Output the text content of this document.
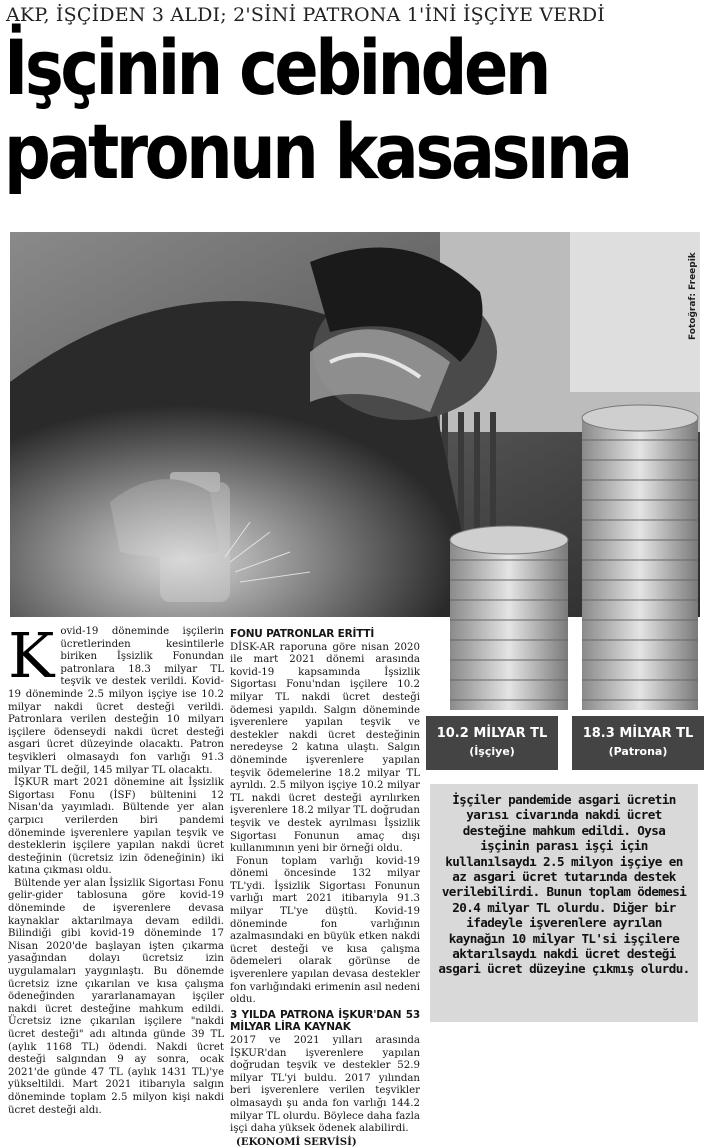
AKP, İŞÇİDEN 3 ALDI; 2'SİNİ PATRONA 1'İNİ İŞÇİYE VERDİ
İşçinin cebinden
patronun kasasına
Fotoğraf: Freepik
10.2 MİLYAR TL
(İşçiye)
18.3 MİLYAR TL
(Patrona)
K ovid-19 döneminde işçilerin ücretlerinden kesintilerle biriken İşsizlik Fonundan patronlara 18.3 milyar TL teşvik ve destek verildi. Kovid-19 döneminde 2.5 milyon işçiye ise 10.2 milyar nakdi ücret desteği verildi. Patronlara verilen desteğin 10 milyarı işçilere ödenseydi nakdi ücret desteği asgari ücret düzeyinde olacaktı. Patron teşvikleri olmasaydı fon varlığı 91.3 milyar TL değil, 145 milyar TL olacaktı.

İŞKUR mart 2021 dönemine ait İşsizlik Sigortası Fonu (İSF) bültenini 12 Nisan'da yayımladı. Bültende yer alan çarpıcı verilerden biri pandemi döneminde işverenlere yapılan teşvik ve desteklerin işçilere yapılan nakdi ücret desteğinin (ücretsiz izin ödeneğinin) iki katına çıkması oldu.

Bültende yer alan İşsizlik Sigortası Fonu gelir-gider tablosuna göre kovid-19 döneminde de işverenlere devasa kaynaklar aktarılmaya devam edildi. Bilindiği gibi kovid-19 döneminde 17 Nisan 2020'de başlayan işten çıkarma yasağından dolayı ücretsiz izin uygulamaları yaygınlaştı. Bu dönemde ücretsiz izne çıkarılan ve kısa çalışma ödeneğinden yararlanamayan işçiler nakdi ücret desteğine mahkum edildi. Ücretsiz izne çıkarılan işçilere "nakdi ücret desteği" adı altında günde 39 TL (aylık 1168 TL) ödendi. Nakdi ücret desteği salgından 9 ay sonra, ocak 2021'de günde 47 TL (aylık 1431 TL)'ye yükseltildi. Mart 2021 itibarıyla salgın döneminde toplam 2.5 milyon kişi nakdi ücret desteği aldı.

FONU PATRONLAR ERİTTİ

DİSK-AR raporuna göre nisan 2020 ile mart 2021 dönemi arasında kovid-19 kapsamında İşsizlik Sigortası Fonu'ndan işçilere 10.2 milyar TL nakdi ücret desteği ödemesi yapıldı. Salgın döneminde işverenlere yapılan teşvik ve destekler nakdi ücret desteğinin neredeyse 2 katına ulaştı. Salgın döneminde işverenlere yapılan teşvik ödemelerine 18.2 milyar TL ayrıldı. 2.5 milyon işçiye 10.2 milyar TL nakdi ücret desteği ayrılırken işverenlere 18.2 milyar TL doğrudan teşvik ve destek ayrılması İşsizlik Sigortası Fonunun amaç dışı kullanımının yeni bir örneği oldu.

Fonun toplam varlığı kovid-19 dönemi öncesinde 132 milyar TL'ydi. İşsizlik Sigortası Fonunun varlığı mart 2021 itibarıyla 91.3 milyar TL'ye düştü. Kovid-19 döneminde fon varlığının azalmasındaki en büyük etken nakdi ücret desteği ve kısa çalışma ödemeleri olarak görünse de işverenlere yapılan devasa destekler fon varlığındaki erimenin asıl nedeni oldu.

3 YILDA PATRONA İŞKUR'DAN 53 MİLYAR LİRA KAYNAK

2017 ve 2021 yılları arasında İŞKUR'dan işverenlere yapılan doğrudan teşvik ve destekler 52.9 milyar TL'yi buldu. 2017 yılından beri işverenlere verilen teşvikler olmasaydı şu anda fon varlığı 144.2 milyar TL olurdu. Böylece daha fazla işçi daha yüksek ödenek alabilirdi.

(EKONOMİ SERVİSİ)

İşçiler pandemide asgari ücretin yarısı civarında nakdi ücret desteğine mahkum edildi. Oysa işçinin parası işçi için kullanılsaydı 2.5 milyon işçiye en az asgari ücret tutarında destek verilebilirdi. Bunun toplam ödemesi 20.4 milyar TL olurdu. Diğer bir ifadeyle işverenlere ayrılan kaynağın 10 milyar TL'si işçilere aktarılsaydı nakdi ücret desteği asgari ücret düzeyine çıkmış olurdu.
